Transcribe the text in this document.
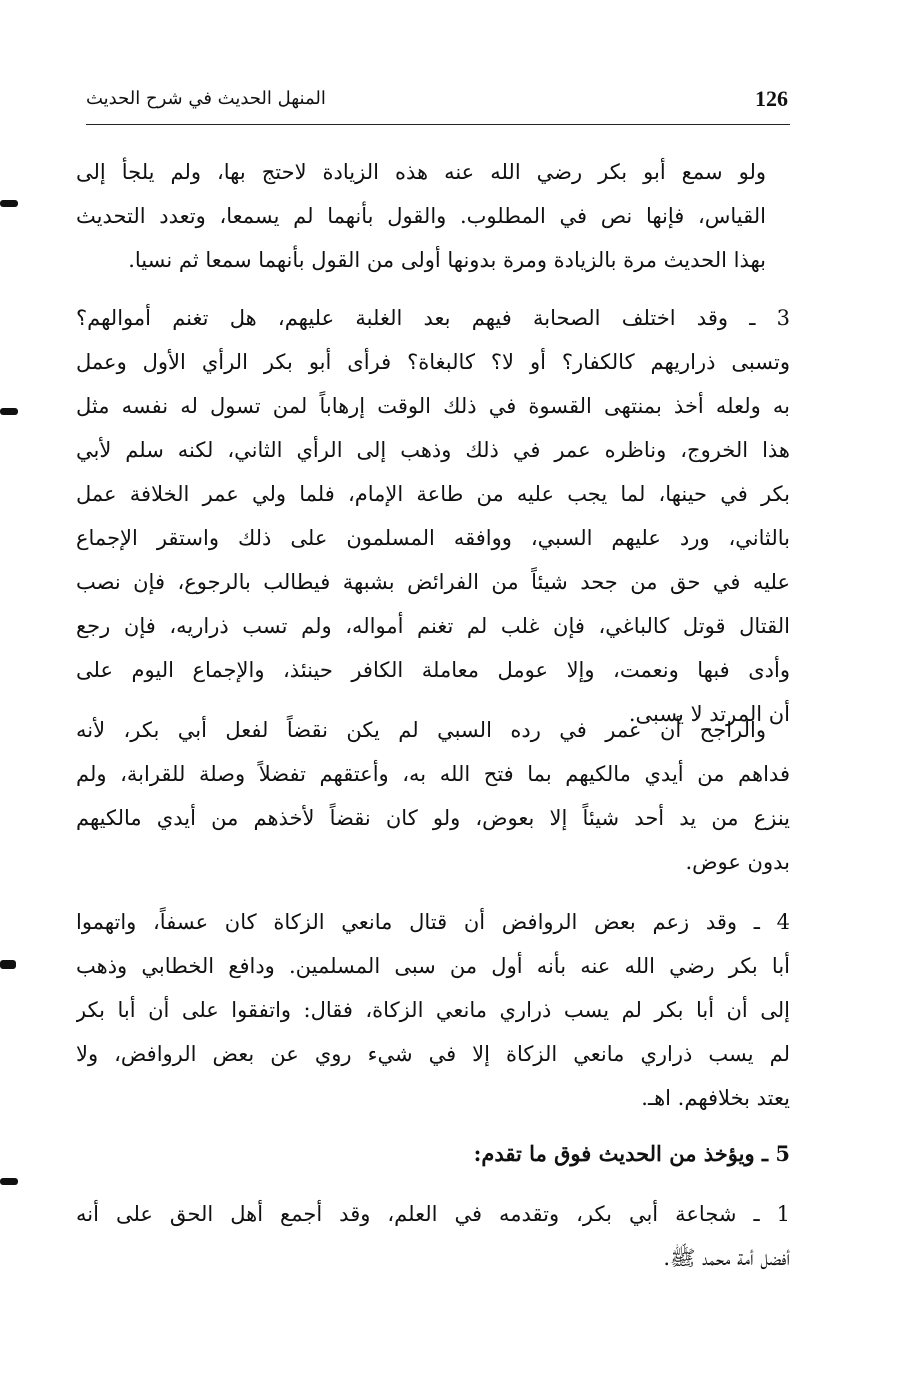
126
المنهل الحديث في شرح الحديث
ولو سمع أبو بكر رضي الله عنه هذه الزيادة لاحتج بها، ولم يلجأ إلى
القياس، فإنها نص في المطلوب. والقول بأنهما لم يسمعا، وتعدد التحديث
بهذا الحديث مرة بالزيادة ومرة بدونها أولى من القول بأنهما سمعا ثم نسيا.
3 ـ وقد اختلف الصحابة فيهم بعد الغلبة عليهم، هل تغنم أموالهم؟
وتسبى ذراريهم كالكفار؟ أو لا؟ كالبغاة؟ فرأى أبو بكر الرأي الأول وعمل
به ولعله أخذ بمنتهى القسوة في ذلك الوقت إرهاباً لمن تسول له نفسه مثل
هذا الخروج، وناظره عمر في ذلك وذهب إلى الرأي الثاني، لكنه سلم لأبي
بكر في حينها، لما يجب عليه من طاعة الإمام، فلما ولي عمر الخلافة عمل
بالثاني، ورد عليهم السبي، ووافقه المسلمون على ذلك واستقر الإجماع
عليه في حق من جحد شيئاً من الفرائض بشبهة فيطالب بالرجوع، فإن نصب
القتال قوتل كالباغي، فإن غلب لم تغنم أمواله، ولم تسب ذراريه، فإن رجع
وأدى فبها ونعمت، وإلا عومل معاملة الكافر حينئذ، والإجماع اليوم على
أن المرتد لا يسبى.
والراجح أن عمر في رده السبي لم يكن نقضاً لفعل أبي بكر، لأنه
فداهم من أيدي مالكيهم بما فتح الله به، وأعتقهم تفضلاً وصلة للقرابة، ولم
ينزع من يد أحد شيئاً إلا بعوض، ولو كان نقضاً لأخذهم من أيدي مالكيهم
بدون عوض.
4 ـ وقد زعم بعض الروافض أن قتال مانعي الزكاة كان عسفاً، واتهموا
أبا بكر رضي الله عنه بأنه أول من سبى المسلمين. ودافع الخطابي وذهب
إلى أن أبا بكر لم يسب ذراري مانعي الزكاة، فقال: واتفقوا على أن أبا بكر
لم يسب ذراري مانعي الزكاة إلا في شيء روي عن بعض الروافض، ولا
يعتد بخلافهم. اهـ.
5 ـ ويؤخذ من الحديث فوق ما تقدم:
1 ـ شجاعة أبي بكر، وتقدمه في العلم، وقد أجمع أهل الحق على أنه
أفضل أمة محمد ﷺ.
